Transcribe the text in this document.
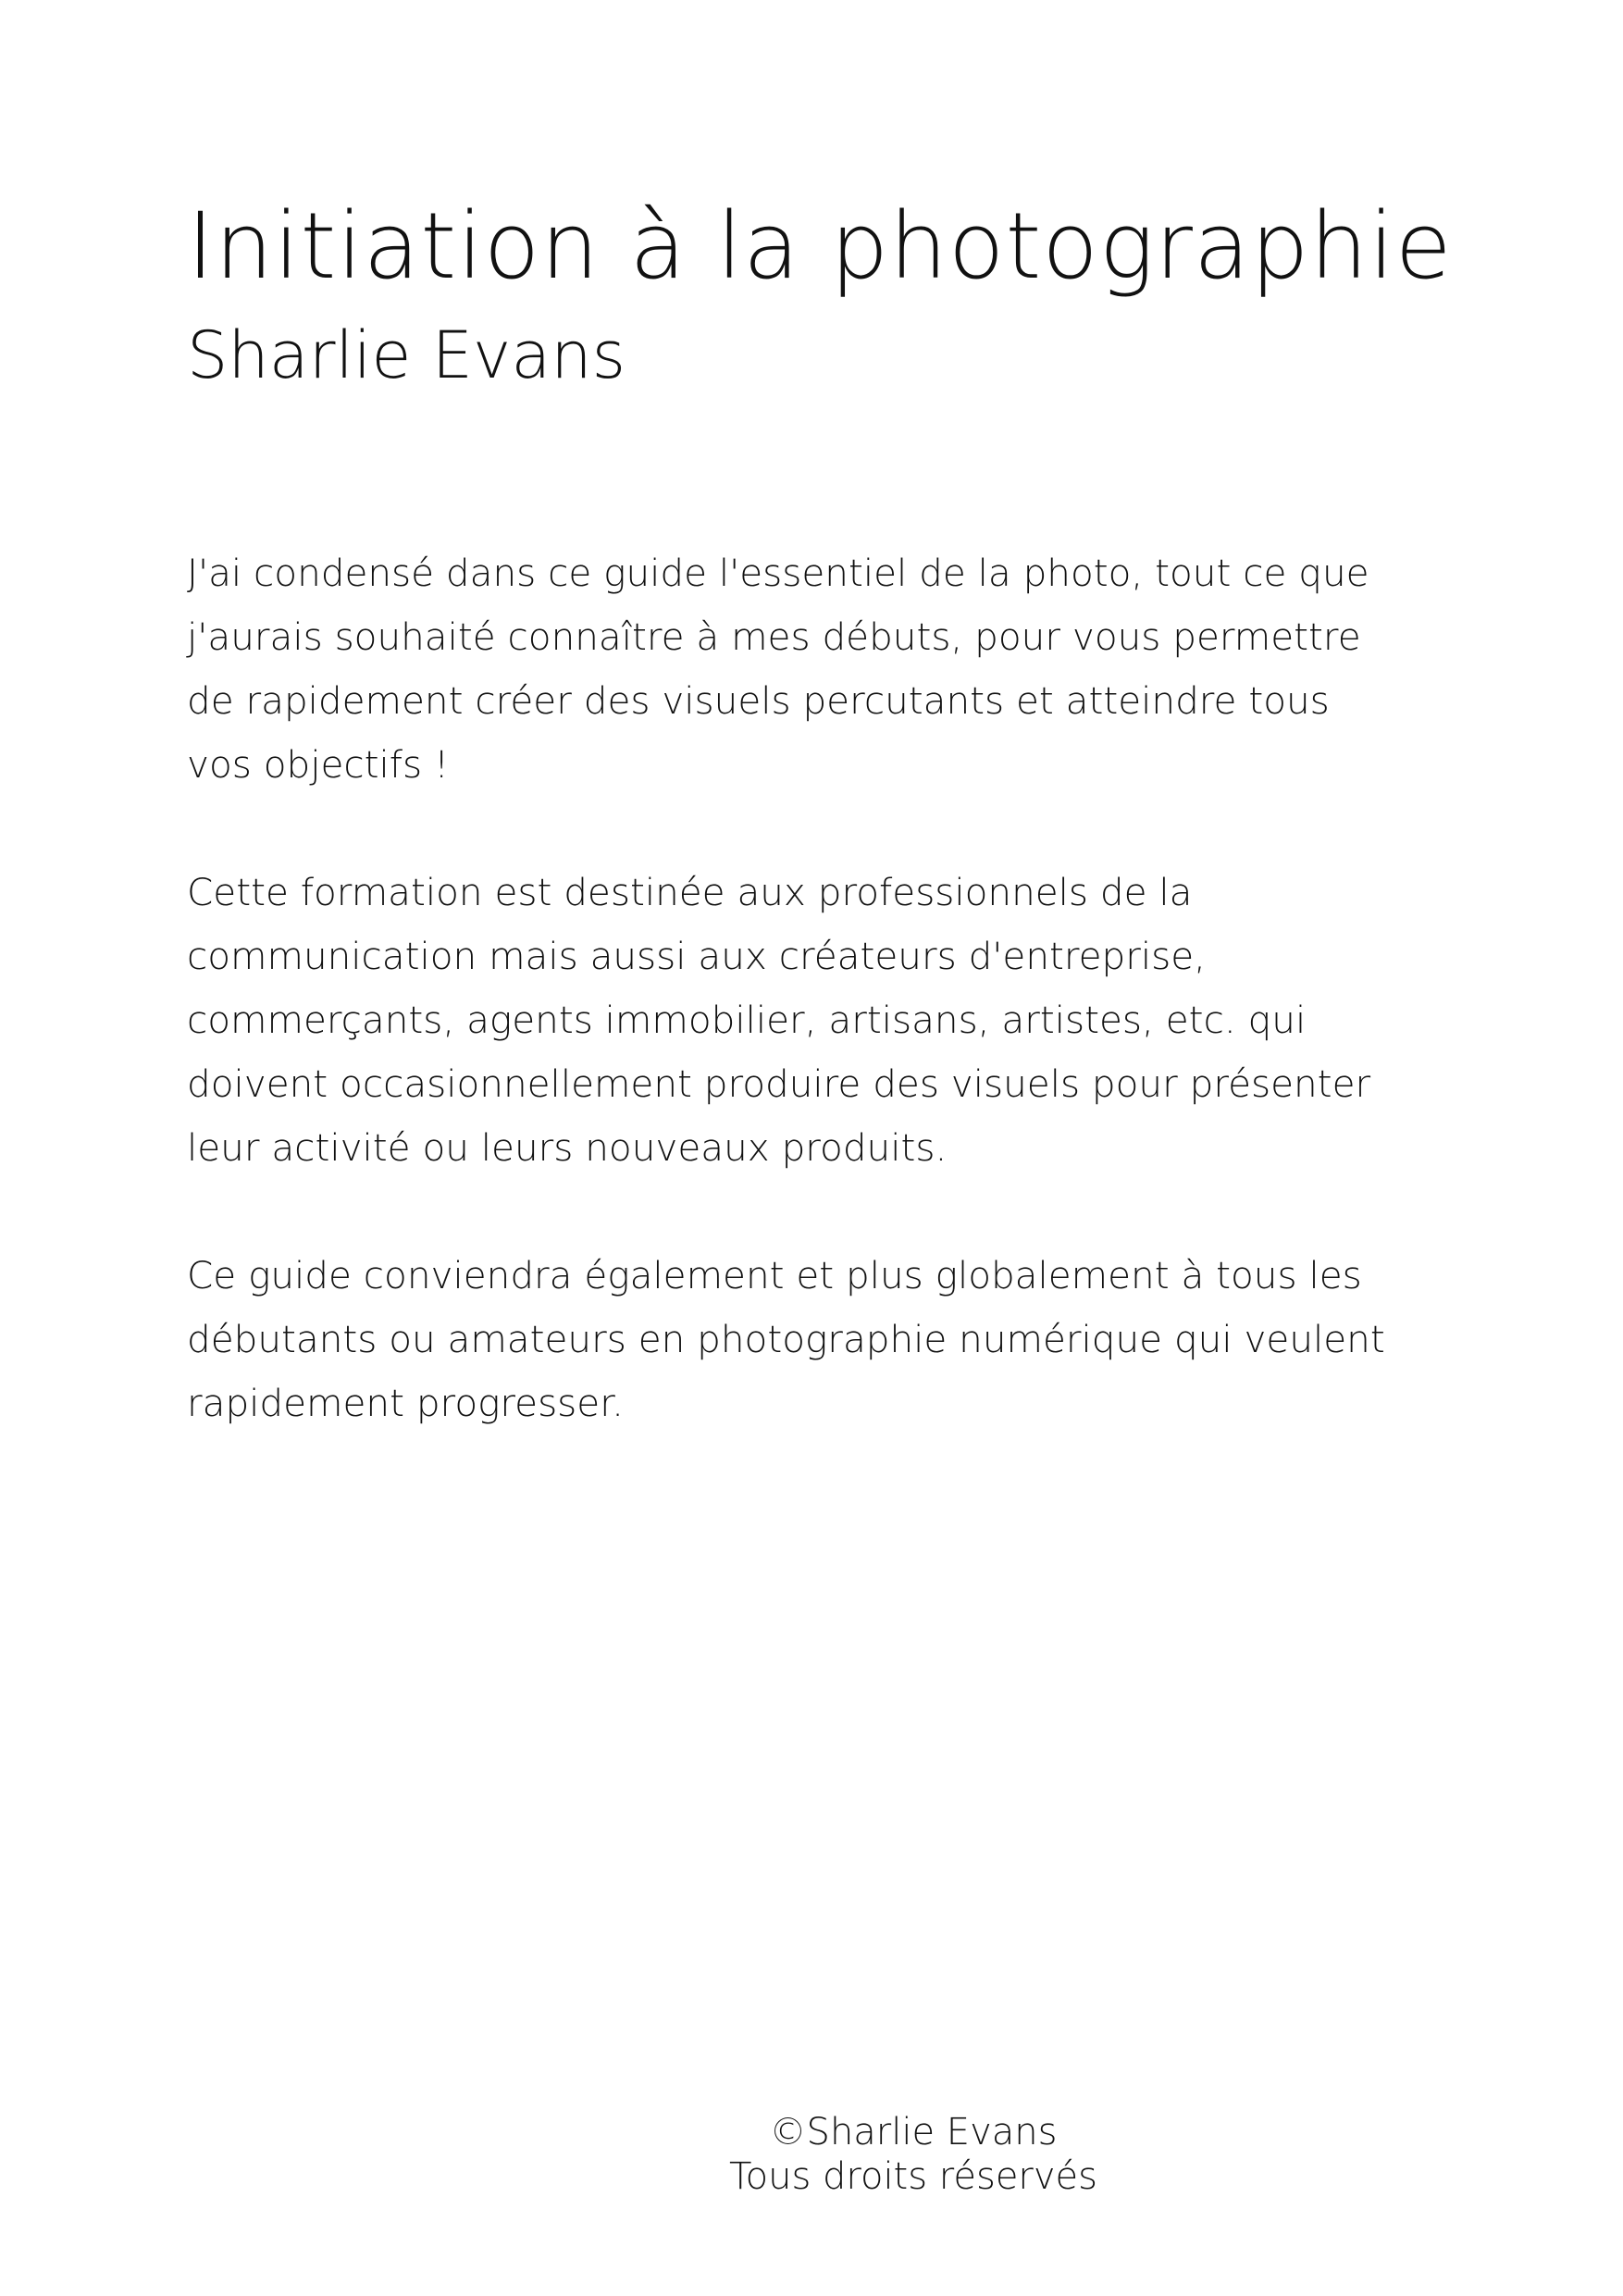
Initiation à la photographie
Sharlie Evans

J'ai condensé dans ce guide l'essentiel de la photo, tout ce que
j'aurais souhaité connaître à mes débuts, pour vous permettre
de rapidement créer des visuels percutants et atteindre tous
vos objectifs !

Cette formation est destinée aux professionnels de la
communication mais aussi aux créateurs d'entreprise,
commerçants, agents immobilier, artisans, artistes, etc. qui
doivent occasionnellement produire des visuels pour présenter
leur activité ou leurs nouveaux produits.

Ce guide conviendra également et plus globalement à tous les
débutants ou amateurs en photographie numérique qui veulent
rapidement progresser.

©Sharlie Evans
Tous droits réservés
